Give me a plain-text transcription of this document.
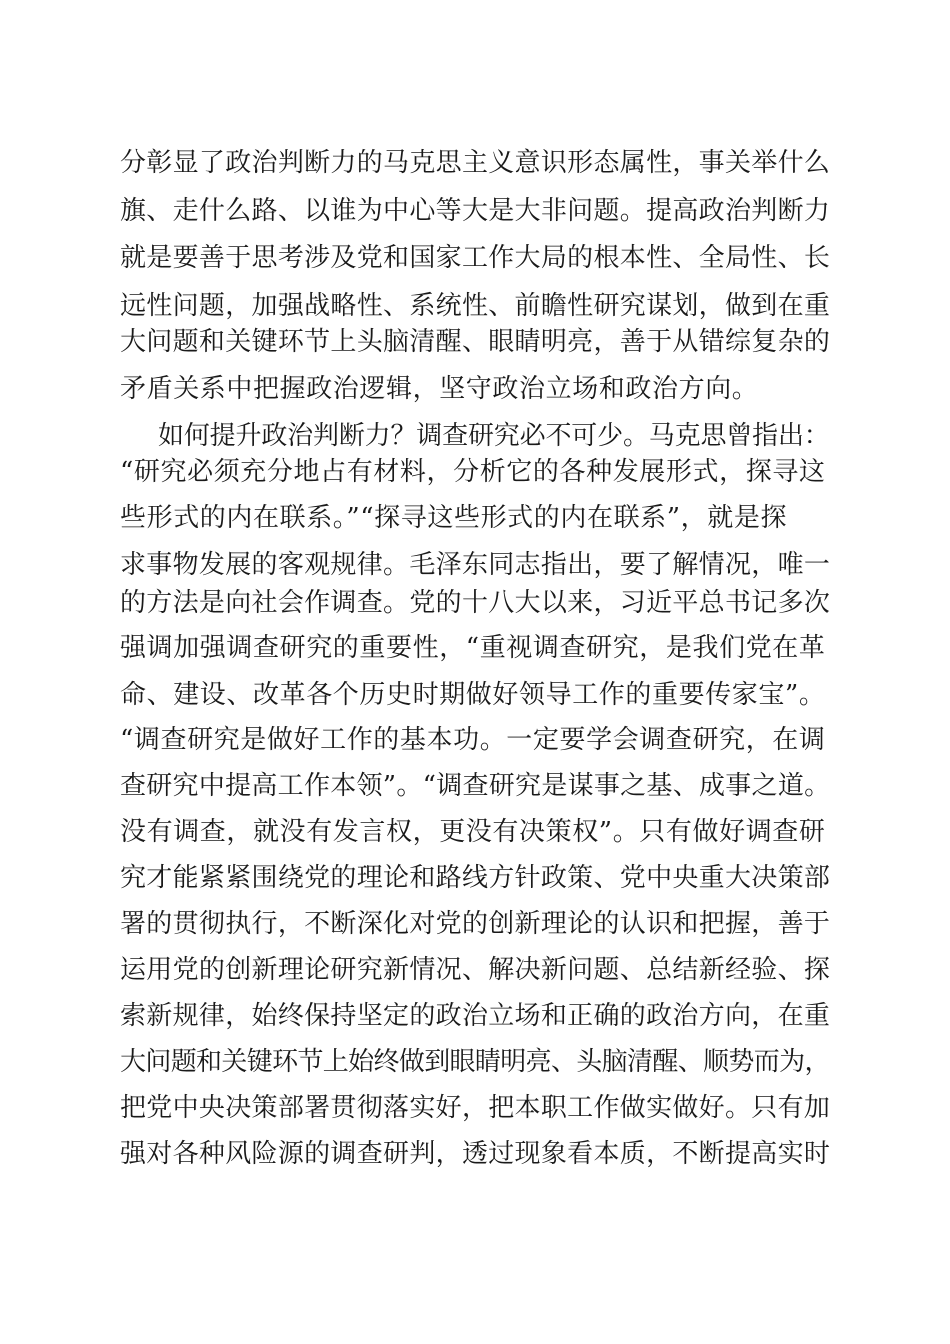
分彰显了政治判断力的马克思主义意识形态属性，事关举什么
旗、走什么路、以谁为中心等大是大非问题。提高政治判断力
就是要善于思考涉及党和国家工作大局的根本性、全局性、长
远性问题，加强战略性、系统性、前瞻性研究谋划，做到在重
大问题和关键环节上头脑清醒、眼睛明亮，善于从错综复杂的
矛盾关系中把握政治逻辑，坚守政治立场和政治方向。
如何提升政治判断力？调查研究必不可少。马克思曾指出：
“研究必须充分地占有材料，分析它的各种发展形式，探寻这
些形式的内在联系。”“探寻这些形式的内在联系”，就是探
求事物发展的客观规律。毛泽东同志指出，要了解情况，唯一
的方法是向社会作调查。党的十八大以来，习近平总书记多次
强调加强调查研究的重要性，“重视调查研究，是我们党在革
命、建设、改革各个历史时期做好领导工作的重要传家宝”。
“调查研究是做好工作的基本功。一定要学会调查研究，在调
查研究中提高工作本领”。“调查研究是谋事之基、成事之道。
没有调查，就没有发言权，更没有决策权”。只有做好调查研
究才能紧紧围绕党的理论和路线方针政策、党中央重大决策部
署的贯彻执行，不断深化对党的创新理论的认识和把握，善于
运用党的创新理论研究新情况、解决新问题、总结新经验、探
索新规律，始终保持坚定的政治立场和正确的政治方向，在重
大问题和关键环节上始终做到眼睛明亮、头脑清醒、顺势而为，
把党中央决策部署贯彻落实好，把本职工作做实做好。只有加
强对各种风险源的调查研判，透过现象看本质，不断提高实时
